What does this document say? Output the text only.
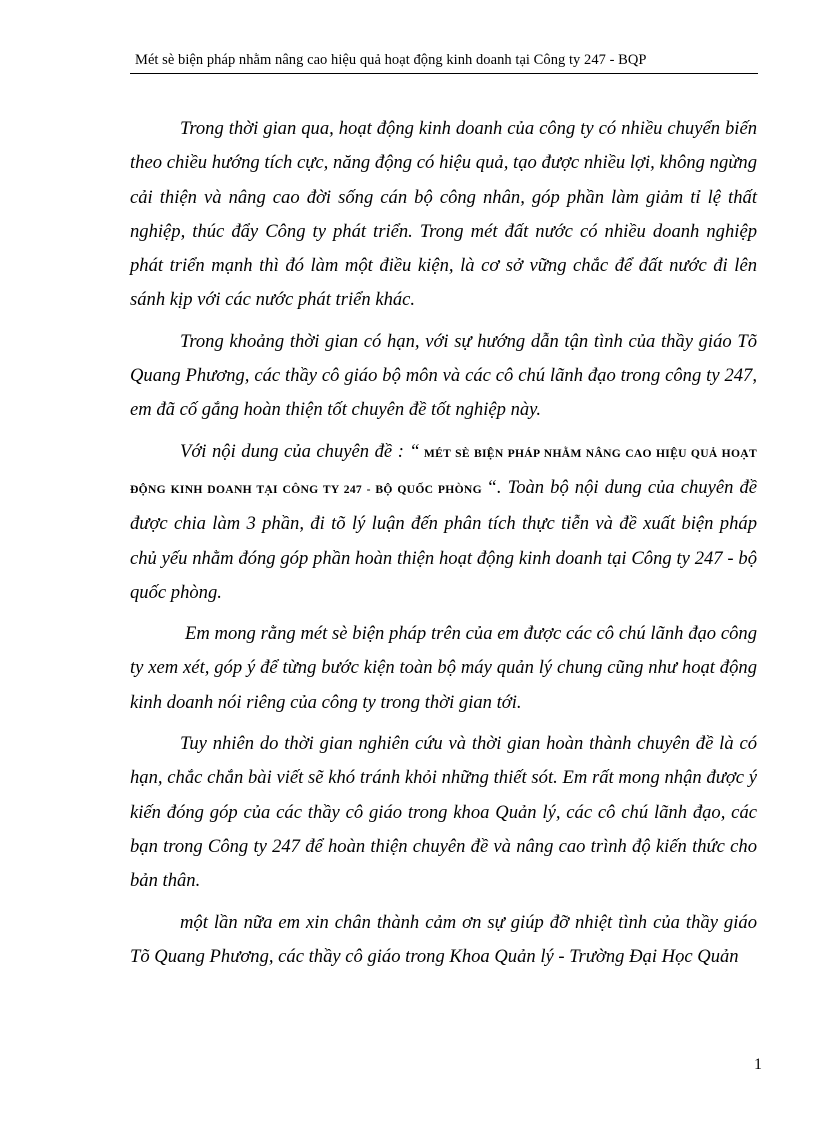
Mét sè biện pháp nhằm nâng cao hiệu quả hoạt động kinh doanh tại Công ty 247 - BQP

Trong thời gian qua, hoạt động kinh doanh của công ty có nhiều chuyển biến theo chiều hướng tích cực, năng động có hiệu quả, tạo được nhiều lợi, không ngừng cải thiện và nâng cao đời sống cán bộ công nhân, góp phần làm giảm tỉ lệ thất nghiệp, thúc đẩy Công ty phát triển. Trong mét đất nước có nhiều doanh nghiệp phát triển mạnh thì đó làm một điều kiện, là cơ sở vững chắc để đất nước đi lên sánh kịp với các nước phát triển khác.

Trong khoảng thời gian có hạn, với sự hướng dẫn tận tình của thầy giáo Tõ Quang Phương, các thầy cô giáo bộ môn và các cô chú lãnh đạo trong công ty 247, em đã cố gắng hoàn thiện tốt chuyên đề tốt nghiệp này.

Với nội dung của chuyên đề : “ MÉT SÈ BIỆN PHÁP NHẰM NÂNG CAO HIỆU QUẢ HOẠT ĐỘNG KINH DOANH TẠI CÔNG TY 247 - BỘ QUỐC PHÒNG “. Toàn bộ nội dung của chuyên đề được chia làm 3 phần, đi tõ lý luận đến phân tích thực tiễn và đề xuất biện pháp chủ yếu nhằm đóng góp phần hoàn thiện hoạt động kinh doanh tại Công ty 247 - bộ quốc phòng.

Em mong rằng mét sè biện pháp trên của em được các cô chú lãnh đạo công ty xem xét, góp ý để từng bước kiện toàn bộ máy quản lý chung cũng như hoạt động kinh doanh nói riêng của công ty trong thời gian tới.

Tuy nhiên do thời gian nghiên cứu và thời gian hoàn thành chuyên đề là có hạn, chắc chắn bài viết sẽ khó tránh khỏi những thiết sót. Em rất mong nhận được ý kiến đóng góp của các thầy cô giáo trong khoa Quản lý, các cô chú lãnh đạo, các bạn trong Công ty 247 để hoàn thiện chuyên đề và nâng cao trình độ kiến thức cho bản thân.

một lần nữa em xin chân thành cảm ơn sự giúp đỡ nhiệt tình của thầy giáo Tõ Quang Phương, các thầy cô giáo trong Khoa Quản lý - Trường Đại Học Quản

1
